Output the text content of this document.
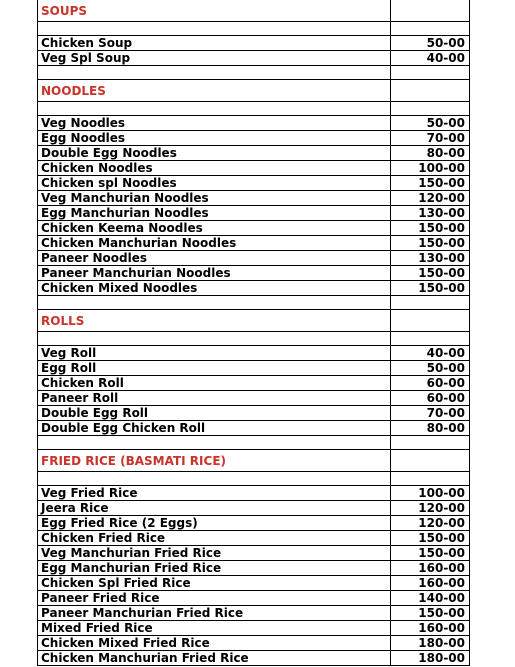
SOUPS	

Chicken Soup	50-00
Veg Spl Soup	40-00

NOODLES	

Veg Noodles	50-00
Egg Noodles	70-00
Double Egg Noodles	80-00
Chicken Noodles	100-00
Chicken spl Noodles	150-00
Veg Manchurian Noodles	120-00
Egg Manchurian Noodles	130-00
Chicken Keema Noodles	150-00
Chicken Manchurian Noodles	150-00
Paneer Noodles	130-00
Paneer Manchurian Noodles	150-00
Chicken Mixed Noodles	150-00

ROLLS	

Veg Roll	40-00
Egg Roll	50-00
Chicken Roll	60-00
Paneer Roll	60-00
Double Egg Roll	70-00
Double Egg Chicken Roll	80-00

FRIED RICE (BASMATI RICE)	

Veg Fried Rice	100-00
Jeera Rice	120-00
Egg Fried Rice (2 Eggs)	120-00
Chicken Fried Rice	150-00
Veg Manchurian Fried Rice	150-00
Egg Manchurian Fried Rice	160-00
Chicken Spl Fried Rice	160-00
Paneer Fried Rice	140-00
Paneer Manchurian Fried Rice	150-00
Mixed Fried Rice	160-00
Chicken Mixed Fried Rice	180-00
Chicken Manchurian Fried Rice	180-00
